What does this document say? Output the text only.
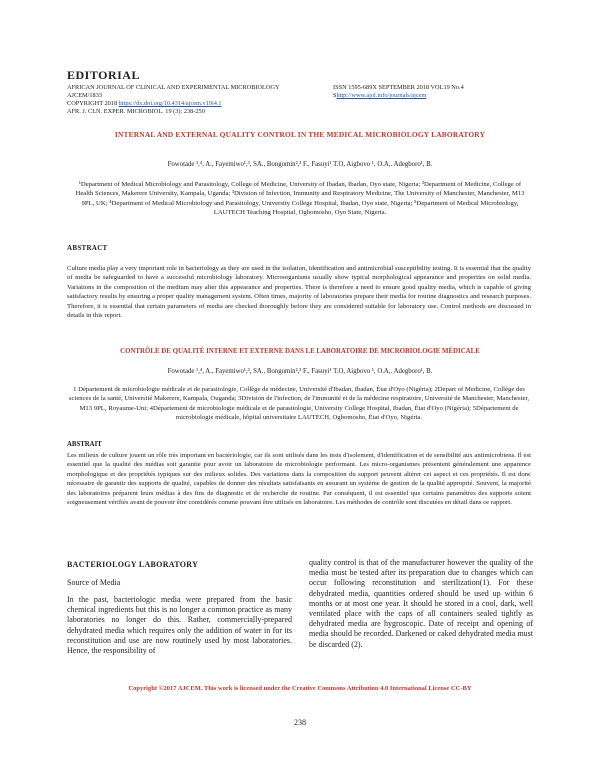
EDITORIAL
AFRICAN JOURNAL OF CLINICAL AND EXPERIMENTAL MICROBIOLOGY
AJCEM/1833
COPYRIGHT 2018 https://dx.doi.org/10.4314/ajcem.v19i4.1
AFR. J. CLN. EXPER. MICROBIOL. 19 (3): 238-250
ISSN 1595-689X SEPTEMBER 2018 VOL19 No.4
Shttp://www.ajol.info/journals/ajcem
INTERNAL AND EXTERNAL QUALITY CONTROL IN THE MEDICAL MICROBIOLOGY LABORATORY
Fowotade ¹,⁴, A., Fayemiwo¹,³, SA., Bongomin²,³ F., Fasuyi¹ T.O, Aigbovo ¹, O.A,. Adegboro¹, B.
¹Department of Medical Microbiology and Parasitology, College of Medicine, University of Ibadan, Ibadan, Oyo state, Nigeria; ²Department of Medicine, College of Health Sciences, Makerere University, Kampala, Uganda; ³Division of Infection, Immunity and Respiratory Medicine, The University of Manchester, Manchester, M13 9PL, UK; ⁴Department of Medical Microbiology and Parasitology, University College Hospital, Ibadan, Oyo state, Nigeria; ⁵Department of Medical Microbiology, LAUTECH Teaching Hospital, Ogbomosho, Oyo State, Nigeria.
ABSTRACT
Culture media play a very important role in bacteriology as they are used in the isolation, identification and antimicrobial susceptibility testing. It is essential that the quality of media be safeguarded to have a successful microbiology laboratory. Microorganisms usually show typical morphological appearance and properties on solid media. Variations in the composition of the medium may alter this appearance and properties. There is therefore a need to ensure good quality media, which is capable of giving satisfactory results by ensuring a proper quality management system. Often times, majority of laboratories prepare their media for routine diagnostics and research purposes. Therefore, it is essential that certain parameters of media are checked thoroughly before they are considered suitable for laboratory use. Control methods are discussed in details in this report.
CONTRÔLE DE QUALITÉ INTERNE ET EXTERNE DANS LE LABORATOIRE DE MICROBIOLOGIE MÉDICALE
Fowotade ¹,⁴, A., Fayemiwo¹,³, SA., Bongomin²,³ F., Fasuyi¹ T.O, Aigbovo ¹, O.A,. Adegboro¹, B.
1 Département de microbiologie médicale et de parasitologie, Collège de médecine, Université d'Ibadan, Ibadan, État d'Oyo (Nigéria); 2Depart of Medicine, Collège des sciences de la santé, Université Makerere, Kampala, Ouganda; 3Division de l'infection, de l'immunité et de la médecine respiratoire, Université de Manchester, Manchester, M13 9PL, Royaume-Uni; 4Département de microbiologie médicale et de parasitologie, University College Hospital, Ibadan, État d'Oyo (Nigéria); 5Département de microbiologie médicale, hôpital universitaire LAUTECH, Ogbomosho, État d'Oyo, Nigéria.
ABSTRAIT
Les milieux de culture jouent un rôle très important en bactériologie, car ils sont utilisés dans les tests d'isolement, d'identification et de sensibilité aux antimicrobiens. Il est essentiel que la qualité des médias soit garantie pour avoir un laboratoire de microbiologie performant. Les micro-organismes présentent généralement une apparence morphologique et des propriétés typiques sur des milieux solides. Des variations dans la composition du support peuvent altérer cet aspect et ces propriétés. Il est donc nécessaire de garantir des supports de qualité, capables de donner des résultats satisfaisants en assurant un système de gestion de la qualité approprié. Souvent, la majorité des laboratoires préparent leurs médias à des fins de diagnostic et de recherche de routine. Par conséquent, il est essentiel que certains paramètres des supports soient soigneusement vérifiés avant de pouvoir être considérés comme pouvant être utilisés en laboratoire. Les méthodes de contrôle sont discutées en détail dans ce rapport.
BACTERIOLOGY LABORATORY
Source of Media
In the past, bacteriologic media were prepared from the basic chemical ingredients but this is no longer a common practice as many laboratories no longer do this. Rather, commercially-prepared dehydrated media which requires only the addition of water in for its reconstitution and use are now routinely used by most laboratories. Hence, the responsibility of
quality control is that of the manufacturer however the quality of the media must be tested after its preparation due to changes which can occur following reconstitution and sterilization(1). For these dehydrated media, quantities ordered should be used up within 6 months or at most one year. It should be stored in a cool, dark, well ventilated place with the caps of all containers sealed tightly as dehydrated media are hygroscopic. Date of receipt and opening of media should be recorded. Darkened or caked dehydrated media must be discarded (2).
Copyright ©2017 AJCEM. This work is licensed under the Creative Commons Attribution 4.0 International License CC-BY
238
